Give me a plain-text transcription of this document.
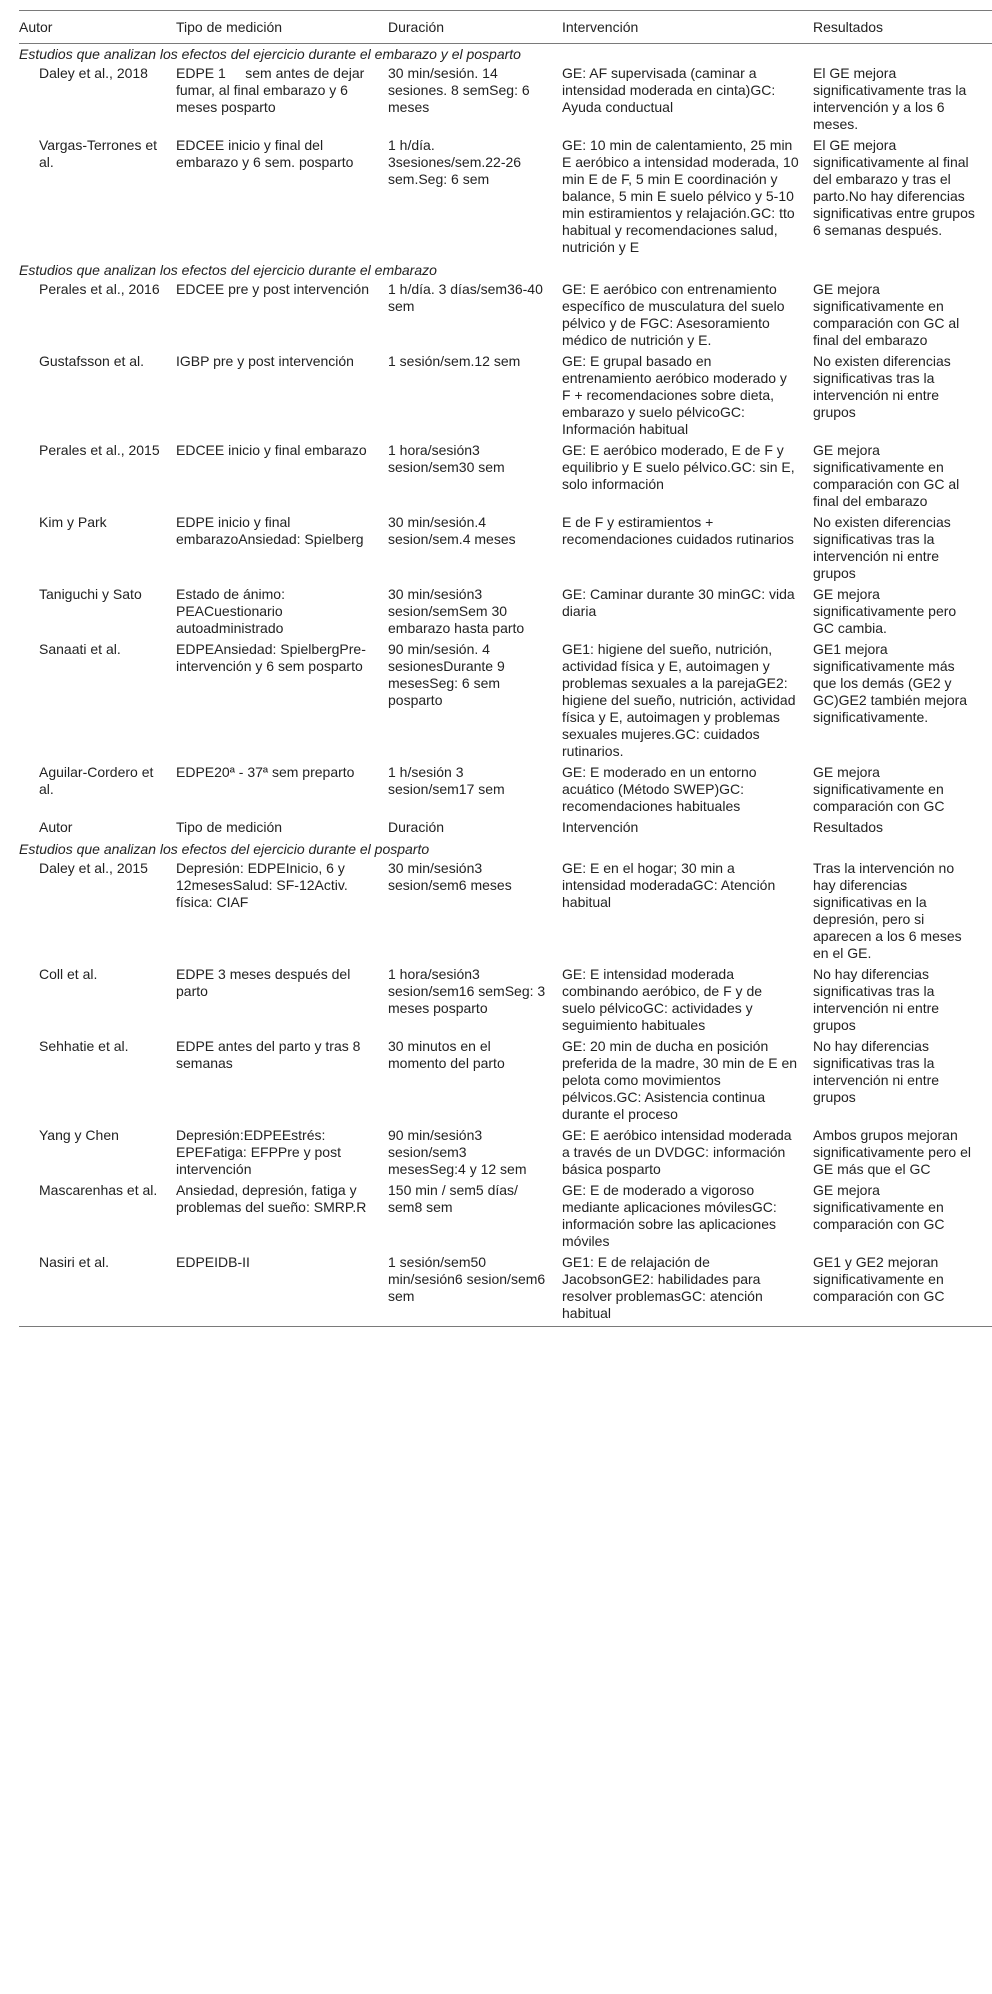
Autor	Tipo de medición	Duración	Intervención	Resultados
Estudios que analizan los efectos del ejercicio durante el embarazo y el posparto				
Daley et al., 2018	EDPE 1     sem antes de dejar fumar, al final embarazo y 6 meses posparto	30 min/sesión. 14 sesiones. 8 semSeg: 6 meses	GE: AF supervisada (caminar a intensidad moderada en cinta)GC: Ayuda conductual	El GE mejora significativamente tras la intervención y a los 6 meses.
Vargas-Terrones et al.	EDCEE inicio y final del embarazo y 6 sem. posparto	1 h/día. 3sesiones/sem.22-26 sem.Seg: 6 sem	GE: 10 min de calentamiento, 25 min E aeróbico a intensidad moderada, 10 min E de F, 5 min E coordinación y balance, 5 min E suelo pélvico y 5-10 min estiramientos y relajación.GC: tto habitual y recomendaciones salud, nutrición y E	El GE mejora significativamente al final del embarazo y tras el parto.No hay diferencias significativas entre grupos 6 semanas después.
Estudios que analizan los efectos del ejercicio durante el embarazo				
Perales et al., 2016	EDCEE pre y post intervención	1 h/día. 3 días/sem36-40 sem	GE: E aeróbico con entrenamiento específico de musculatura del suelo pélvico y de FGC: Asesoramiento médico de nutrición y E.	GE mejora significativamente en comparación con GC al final del embarazo
Gustafsson et al.	IGBP pre y post intervención	1 sesión/sem.12 sem	GE: E grupal basado en entrenamiento aeróbico moderado y F + recomendaciones sobre dieta, embarazo y suelo pélvicoGC: Información habitual	No existen diferencias significativas tras la intervención ni entre grupos
Perales et al., 2015	EDCEE inicio y final embarazo	1 hora/sesión3 sesion/sem30 sem	GE: E aeróbico moderado, E de F y equilibrio y E suelo pélvico.GC: sin E, solo información	GE mejora significativamente en comparación con GC al final del embarazo
Kim y Park	EDPE inicio y final embarazoAnsiedad: Spielberg	30 min/sesión.4 sesion/sem.4 meses	E de F y estiramientos + recomendaciones cuidados rutinarios	No existen diferencias significativas tras la intervención ni entre grupos
Taniguchi y Sato	Estado de ánimo: PEACuestionario autoadministrado	30 min/sesión3 sesion/semSem 30 embarazo hasta parto	GE: Caminar durante 30 minGC: vida diaria	GE mejora significativamente pero GC cambia.
Sanaati et al.	EDPEAnsiedad: SpielbergPre-intervención y 6 sem posparto	90 min/sesión. 4 sesionesDurante 9 mesesSeg: 6 sem posparto	GE1: higiene del sueño, nutrición, actividad física y E, autoimagen y problemas sexuales a la parejaGE2: higiene del sueño, nutrición, actividad física y E, autoimagen y problemas sexuales mujeres.GC: cuidados rutinarios.	GE1 mejora significativamente más que los demás (GE2 y GC)GE2 también mejora significativamente.
Aguilar-Cordero et al.	EDPE20ª - 37ª sem preparto	1 h/sesión 3 sesion/sem17 sem	GE: E moderado en un entorno acuático (Método SWEP)GC: recomendaciones habituales	GE mejora significativamente en comparación con GC
Autor	Tipo de medición	Duración	Intervención	Resultados
Estudios que analizan los efectos del ejercicio durante el posparto				
Daley et al., 2015	Depresión: EDPEInicio, 6 y 12mesesSalud: SF-12Activ. física: CIAF	30 min/sesión3 sesion/sem6 meses	GE: E en el hogar; 30 min a intensidad moderadaGC: Atención habitual	Tras la intervención no hay diferencias significativas en la depresión, pero si aparecen a los 6 meses en el GE.
Coll et al.	EDPE 3 meses después del parto	1 hora/sesión3 sesion/sem16 semSeg: 3 meses posparto	GE: E intensidad moderada combinando aeróbico, de F y de suelo pélvicoGC: actividades y seguimiento habituales	No hay diferencias significativas tras la intervención ni entre grupos
Sehhatie et al.	EDPE antes del parto y tras 8 semanas	30 minutos en el momento del parto	GE: 20 min de ducha en posición preferida de la madre, 30 min de E en pelota como movimientos pélvicos.GC: Asistencia continua durante el proceso	No hay diferencias significativas tras la intervención ni entre grupos
Yang y Chen	Depresión:EDPEEstrés: EPEFatiga: EFPPre y post intervención	90 min/sesión3 sesion/sem3 mesesSeg:4 y 12 sem	GE: E aeróbico intensidad moderada a través de un DVDGC: información básica posparto	Ambos grupos mejoran significativamente pero el GE más que el GC
Mascarenhas et al.	Ansiedad, depresión, fatiga y problemas del sueño: SMRP.R	150 min / sem5 días/ sem8 sem	GE: E de moderado a vigoroso mediante aplicaciones móvilesGC: información sobre las aplicaciones móviles	GE mejora significativamente en comparación con GC
Nasiri et al.	EDPEIDB-II	1 sesión/sem50 min/sesión6 sesion/sem6 sem	GE1: E de relajación de JacobsonGE2: habilidades para resolver problemasGC: atención habitual	GE1 y GE2 mejoran significativamente en comparación con GC
